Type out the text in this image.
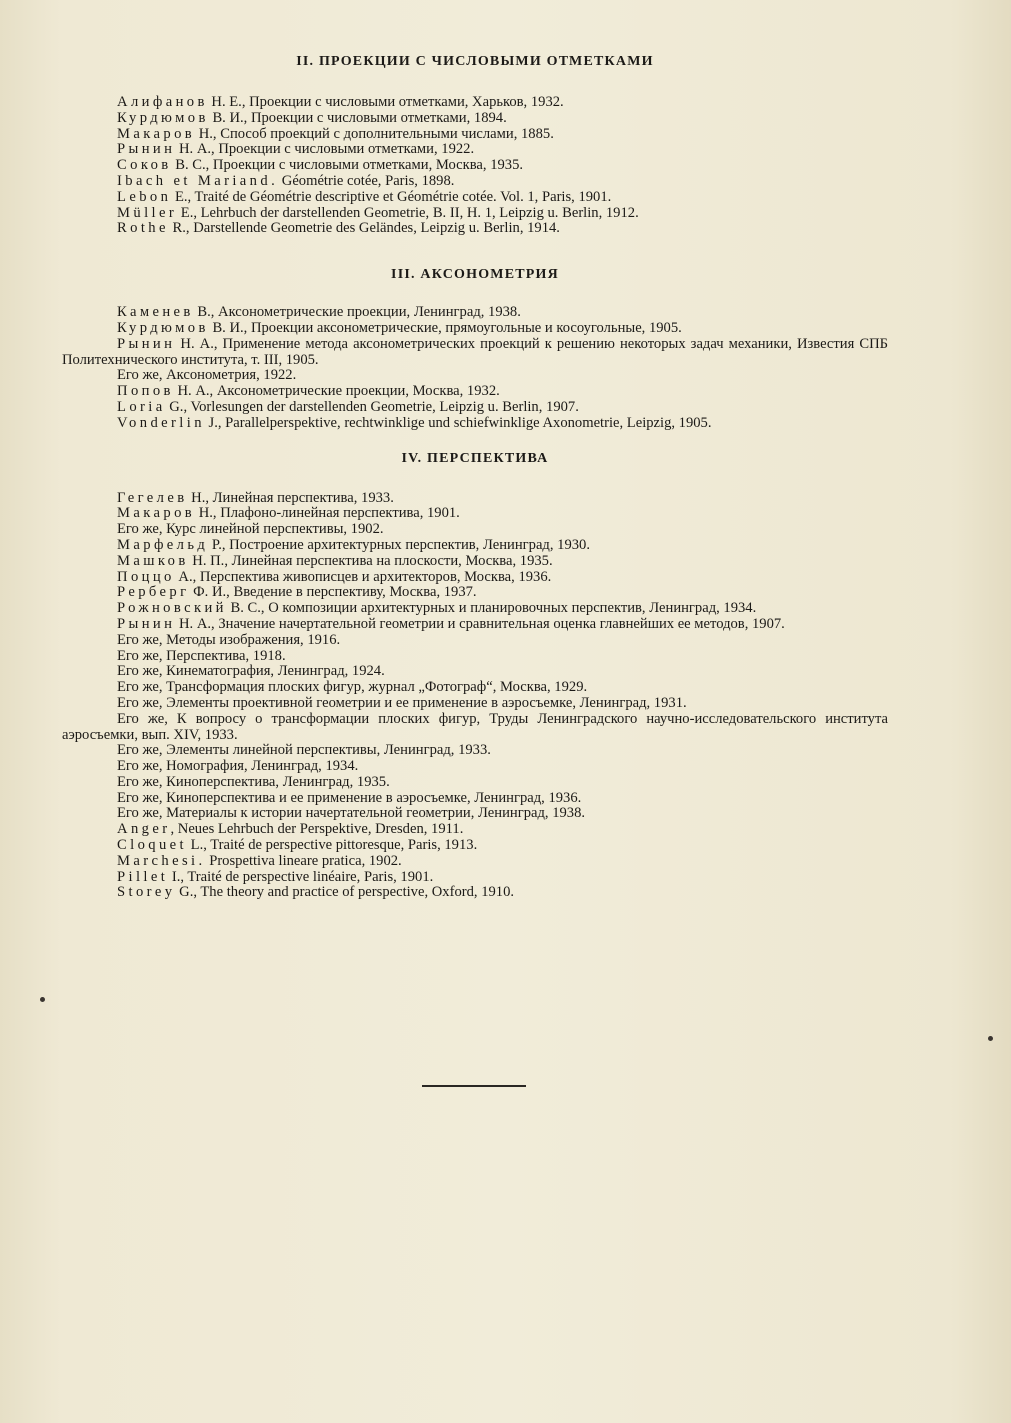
II. ПРОЕКЦИИ С ЧИСЛОВЫМИ ОТМЕТКАМИ
Алифанов Н. Е., Проекции с числовыми отметками, Харьков, 1932.
Курдюмов В. И., Проекции с числовыми отметками, 1894.
Макаров Н., Способ проекций с дополнительными числами, 1885.
Рынин Н. А., Проекции с числовыми отметками, 1922.
Соков В. С., Проекции с числовыми отметками, Москва, 1935.
Ibach et Mariand. Géométrie cotée, Paris, 1898.
Lebon E., Traité de Géométrie descriptive et Géométrie cotée. Vol. 1, Paris, 1901.
Müller E., Lehrbuch der darstellenden Geometrie, B. II, H. 1, Leipzig u. Berlin, 1912.
Rothe R., Darstellende Geometrie des Geländes, Leipzig u. Berlin, 1914.
III. АКСОНОМЕТРИЯ
Каменев В., Аксонометрические проекции, Ленинград, 1938.
Курдюмов В. И., Проекции аксонометрические, прямоугольные и косоугольные, 1905.
Рынин Н. А., Применение метода аксонометрических проекций к решению некоторых задач механики, Известия СПБ Политехнического института, т. III, 1905.
Его же, Аксонометрия, 1922.
Попов Н. А., Аксонометрические проекции, Москва, 1932.
Loria G., Vorlesungen der darstellenden Geometrie, Leipzig u. Berlin, 1907.
Vonderlin J., Parallelperspektive, rechtwinklige und schiefwinklige Axonometrie, Leipzig, 1905.
IV. ПЕРСПЕКТИВА
Гегелев Н., Линейная перспектива, 1933.
Макаров Н., Плафоно-линейная перспектива, 1901.
Его же, Курс линейной перспективы, 1902.
Марфельд Р., Построение архитектурных перспектив, Ленинград, 1930.
Машков Н. П., Линейная перспектива на плоскости, Москва, 1935.
Поццо А., Перспектива живописцев и архитекторов, Москва, 1936.
Рерберг Ф. И., Введение в перспективу, Москва, 1937.
Рожновский В. С., О композиции архитектурных и планировочных перспектив, Ленинград, 1934.
Рынин Н. А., Значение начертательной геометрии и сравнительная оценка главнейших ее методов, 1907.
Его же, Методы изображения, 1916.
Его же, Перспектива, 1918.
Его же, Кинематография, Ленинград, 1924.
Его же, Трансформация плоских фигур, журнал „Фотограф“, Москва, 1929.
Его же, Элементы проективной геометрии и ее применение в аэросъемке, Ленинград, 1931.
Его же, К вопросу о трансформации плоских фигур, Труды Ленинградского научно-исследовательского института аэросъемки, вып. XIV, 1933.
Его же, Элементы линейной перспективы, Ленинград, 1933.
Его же, Номография, Ленинград, 1934.
Его же, Киноперспектива, Ленинград, 1935.
Его же, Киноперспектива и ее применение в аэросъемке, Ленинград, 1936.
Его же, Материалы к истории начертательной геометрии, Ленинград, 1938.
Anger, Neues Lehrbuch der Perspektive, Dresden, 1911.
Cloquet L., Traité de perspective pittoresque, Paris, 1913.
Marchesi. Prospettiva lineare pratica, 1902.
Pillet I., Traité de perspective linéaire, Paris, 1901.
Storey G., The theory and practice of perspective, Oxford, 1910.
